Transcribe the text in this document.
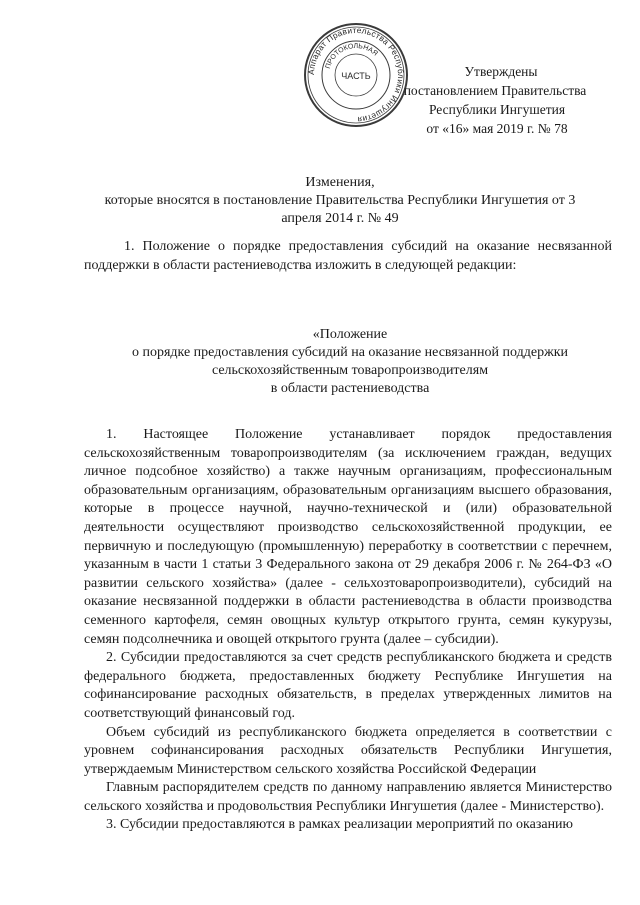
Аппарат Правительства Республики Ингушетия
ПРОТОКОЛЬНАЯ
ЧАСТЬ	Утверждены
постановлением Правительства
Республики Ингушетия
от «16» мая 2019 г. № 78
Изменения,
которые вносятся в постановление Правительства Республики Ингушетия от 3
апреля 2014 г. № 49

1. Положение о порядке предоставления субсидий на оказание несвязанной поддержки в области растениеводства изложить в следующей редакции:

«Положение
о порядке предоставления субсидий на оказание несвязанной поддержки
сельскохозяйственным товаропроизводителям
в области растениеводства

1. Настоящее Положение устанавливает порядок предоставления сельскохозяйственным товаропроизводителям (за исключением граждан, ведущих личное подсобное хозяйство) а также научным организациям, профессиональным образовательным организациям, образовательным организациям высшего образования, которые в процессе научной, научно-технической и (или) образовательной деятельности осуществляют производство сельскохозяйственной продукции, ее первичную и последующую (промышленную) переработку в соответствии с перечнем, указанным в части 1 статьи 3 Федерального закона от 29 декабря 2006 г. № 264-ФЗ «О развитии сельского хозяйства» (далее - сельхозтоваропроизводители), субсидий на оказание несвязанной поддержки в области растениеводства в области производства семенного картофеля, семян овощных культур открытого грунта, семян кукурузы, семян подсолнечника и овощей открытого грунта (далее – субсидии).

2. Субсидии предоставляются за счет средств республиканского бюджета и средств федерального бюджета, предоставленных бюджету Республике Ингушетия на софинансирование расходных обязательств, в пределах утвержденных лимитов на соответствующий финансовый год.

Объем субсидий из республиканского бюджета определяется в соответствии с уровнем софинансирования расходных обязательств Республики Ингушетия, утверждаемым Министерством сельского хозяйства Российской Федерации

Главным распорядителем средств по данному направлению является Министерство сельского хозяйства и продовольствия Республики Ингушетия (далее - Министерство).

3. Субсидии предоставляются в рамках реализации мероприятий по оказанию
